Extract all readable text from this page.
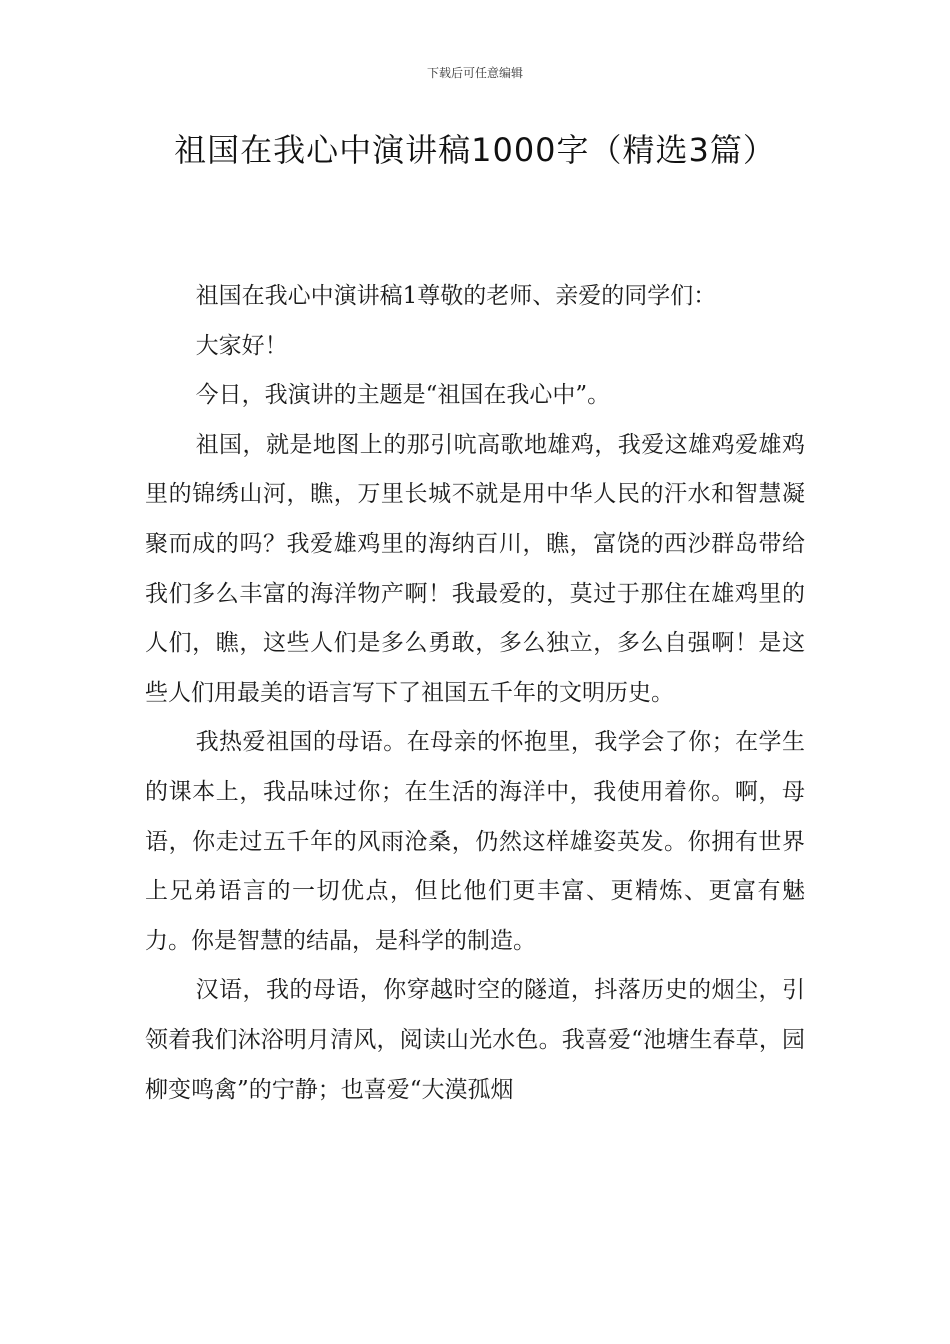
下载后可任意编辑
祖国在我心中演讲稿1000字（精选3篇）

祖国在我心中演讲稿1尊敬的老师、亲爱的同学们：

大家好！

今日，我演讲的主题是“祖国在我心中”。

祖国，就是地图上的那引吭高歌地雄鸡，我爱这雄鸡爱雄鸡里的锦绣山河，瞧，万里长城不就是用中华人民的汗水和智慧凝聚而成的吗？我爱雄鸡里的海纳百川，瞧，富饶的西沙群岛带给我们多么丰富的海洋物产啊！我最爱的，莫过于那住在雄鸡里的人们，瞧，这些人们是多么勇敢，多么独立，多么自强啊！是这些人们用最美的语言写下了祖国五千年的文明历史。

我热爱祖国的母语。在母亲的怀抱里，我学会了你；在学生的课本上，我品味过你；在生活的海洋中，我使用着你。啊，母语，你走过五千年的风雨沧桑，仍然这样雄姿英发。你拥有世界上兄弟语言的一切优点，但比他们更丰富、更精炼、更富有魅力。你是智慧的结晶，是科学的制造。

汉语，我的母语，你穿越时空的隧道，抖落历史的烟尘，引领着我们沐浴明月清风，阅读山光水色。我喜爱“池塘生春草，园柳变鸣禽”的宁静；也喜爱“大漠孤烟
